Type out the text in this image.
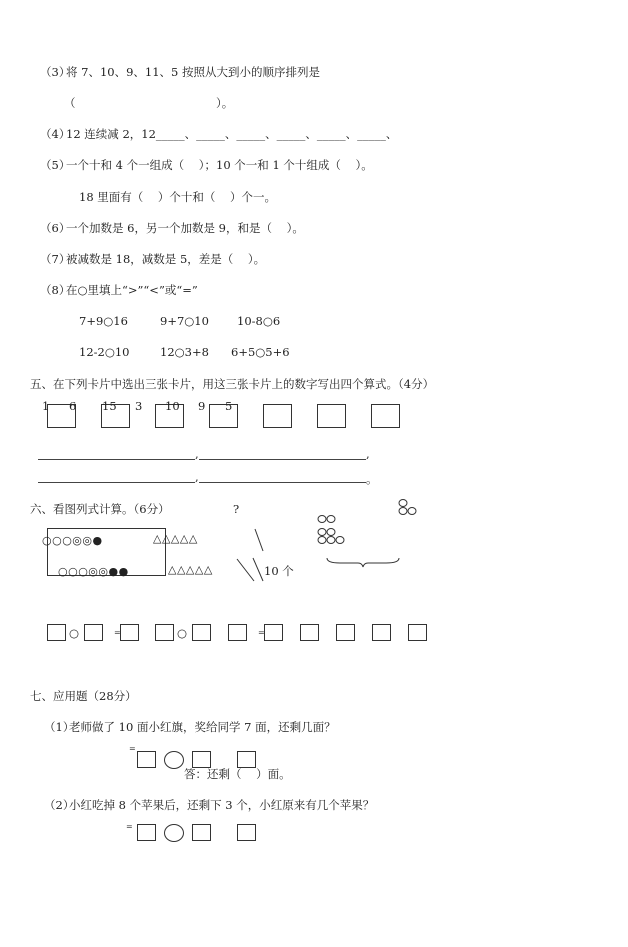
（3）
将 7、10、9、11、5 按照从大到小的顺序排列是
（	）。
（4）
12 连续减 2，12_____、_____、_____、_____、_____、_____、
（5）
一个十和 4 个一组成（    ）；10 个一和 1 个十组成（    ）。
18 里面有（    ）个十和（    ）个一。
（6）
一个加数是 6，另一个加数是 9，和是（    ）。
（7）
被减数是 18，减数是 5，差是（    ）。
（8）
在○里填上“>”“<”或“=”
7+9○16	9+7○10 10-8○6
12-2○10	12○3+8 6+5○5+6
五、在下列卡片中选出三张卡片，用这三张卡片上的数字写出四个算式。（4分）
1 6 15 3 10 9 5
,	,
,	。
六、看图列式计算。（6分）	?
○○○◎◎●	△△△△△
○○○◎◎●●	△△△△△	10 个
○	=	○	=
七、应用题（28分）
（1）
老师做了 10 面小红旗，奖给同学 7 面，还剩几面？
=
答：还剩（    ）面。
（2）
小红吃掉 8 个苹果后，还剩下 3 个，小红原来有几个苹果？
=
